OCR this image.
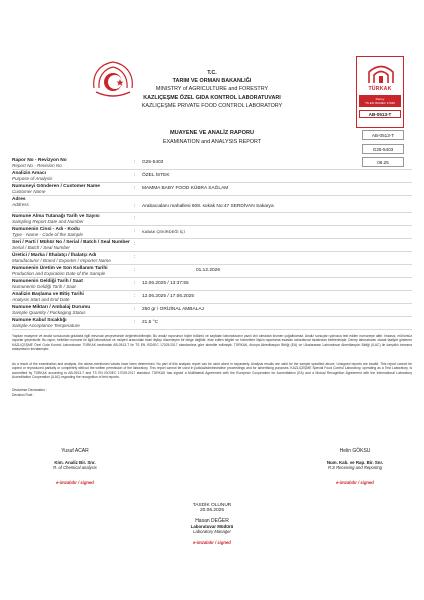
T.C.
TARIM VE ORMAN BAKANLIĞI
MINISTRY of AGRICULTURE and FORESTRY
KAZLIÇEŞME ÖZEL GIDA KONTROL LABORATUVARI
KAZLIÇEŞME PRIVATE FOOD CONTROL LABORATORY
TÜRKAK
Deney
TS EN ISO/IEC 17025
AB-0513-T
MUAYENE VE ANALİZ RAPORU
EXAMINATION and ANALYSIS REPORT
AB-0513-T
G25-5403
06.25
Rapor No - Revizyon No
Report No - Revision No
: G25-5403
Analizin Amacı
Purpose of Analysis
: ÖZEL İSTEK
Numuneyi Gönderen / Customer Name
Customer Name
: MAMMA BABY FOOD KÜBRA SAĞLAM
Adres
Address	: Arabacıalanı mahallesi 608. sokak No:47 SERDİVAN Sakarya
Numune Alma Tutanağı Tarih ve Sayısı
Sampling Report Date and Number
:
Numunenin Cinsi - Adı - Kodu
Type - Name - Code of the Sample
: KABAK ÇEKİRDEĞİ İÇİ
Seri / Parti / Mühür No / Serial / Batch / Seal Number
Serial / Batch / Seal Number
:
Üretici / Marka / İthalatçı / İhalatçı Adı
Manufacturer / Brand / Exporter / Importer Name
:
Numunenin Üretim ve Son Kullanım Tarihi
Production and Expiration Date of the Sample
:	01.12.2026
Numunenin Geldiği Tarih / Saat
Numunenin Geldiği Tarih / Saat
: 12.06.2025 / 13:37:55
Analizin Başlama ve Bitiş Tarihi
Analysis Start and End Date
: 12.06.2025 / 17.06.2025
Numune Miktarı / Ambalaj Durumu
Sample Quantity / Packaging Status
: 250 gr / ORİJİNAL AMBALAJ
Numune Kabul Sıcaklığı
Sample Acceptance Temperature
: 21,5 °C
Yapılan muayene ve analiz sonucunda gıdalarla ilgili mevzuat çerçevesinde değerlendirilmiştir. Bu analiz raporunun hiçbir bölümü ve sayfaları laboratuvarın yazılı izni olmadan kısmen çoğaltılamaz. Analiz sonuçları yalnızca test edilen numuneye aittir. İmzasız, mühürsüz raporlar geçersizdir. Bu rapor, belirtilen numune ile ilgili laboratuvar ve müşteri arasındaki ticari ilişkiyi düzenleyen bir belge değildir; elde edilen bilgiler ve hizmetlere ilişkin raporlama esasları laboratuvar tarafından belirlenmiştir. Deney laboratuvarı olarak faaliyet gösteren KAZLIÇEŞME Özel Gıda Kontrol Laboratuvarı TÜRKAK tarafından AB-0513-T ile TS EN ISO/IEC 17025:2017 standardına göre akredite edilmiştir. TÜRKAK, Avrupa Akreditasyon Birliği (EA) ve Uluslararası Laboratuvar Akreditasyon Birliği (ILAC) ile karşılıklı tanınma anlaşmasını imzalamıştır.
As a result of the examination and analysis, the above-mentioned values have been determined. No part of this analysis report can be used alone in separately. Analysis results are valid for the sample specified above. Unsigned reports are invalid. This report cannot be copied or reproduced partially or completely without the written permission of the laboratory. This report cannot be used in judicial/administrative proceedings and for advertising purposes. KAZLIÇEŞME Special Food Control Laboratory, operating as a Test Laboratory, is accredited by TÜRKAK according to AB-0513-T and TS EN ISO/IEC 17025:2017 standard. TÜRKAK has signed a Multilateral Agreement with the European Cooperation for Accreditation (EA) and a Mutual Recognition Agreement with the International Laboratory Accreditation Cooperation (ILAC) regarding the recognition of test reports.
Disclaimer Declaration :
Decision Rule :
Yusuf ACAR
Kim. Analiz Bir. Snr.
R. of Chemical analysis
e-imzalıdır / signed
Helin GÖKSU
Num. Kab. ve Rap. Bir. Snr.
R.S Receiving and Reporting
e-imzalıdır / signed
TASDİK OLUNUR
20.06.2025
Hasan DEĞER
Laboratuvar Müdürü
Laboratory Manager
e-imzalıdır / signed
